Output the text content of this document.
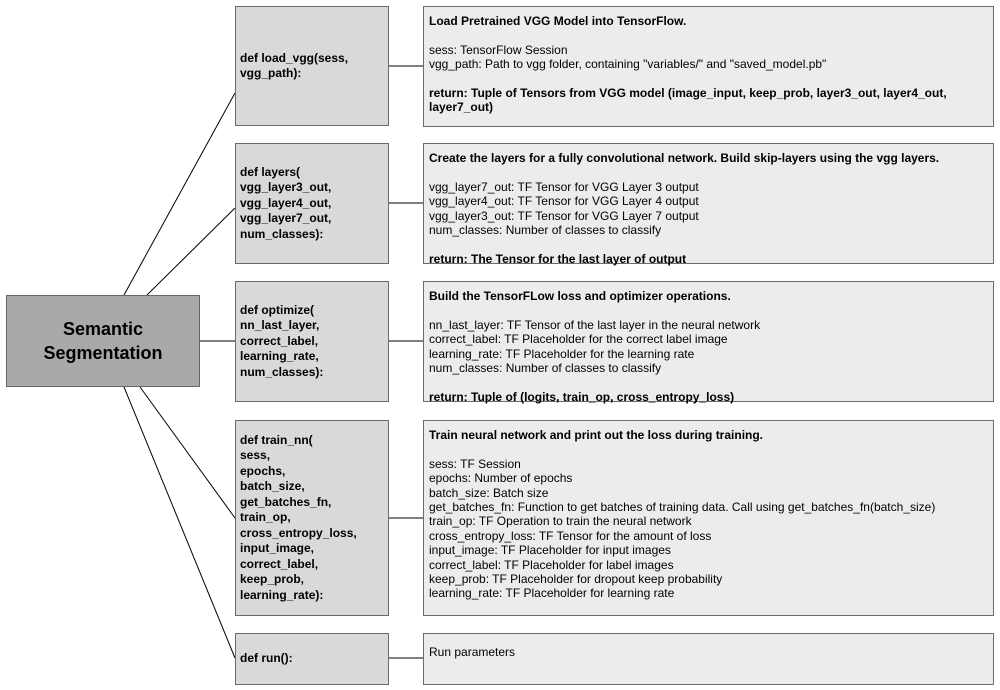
Semantic
Segmentation
def load_vgg(sess,
vgg_path):
def layers(
vgg_layer3_out,
vgg_layer4_out,
vgg_layer7_out,
num_classes):
def optimize(
nn_last_layer,
correct_label,
learning_rate,
num_classes):
def train_nn(
sess,
epochs,
batch_size,
get_batches_fn,
train_op,
cross_entropy_loss,
input_image,
correct_label,
keep_prob,
learning_rate):
def run():
Load Pretrained VGG Model into TensorFlow.
sess: TensorFlow Session
vgg_path: Path to vgg folder, containing "variables/" and "saved_model.pb"
return: Tuple of Tensors from VGG model (image_input, keep_prob, layer3_out, layer4_out, layer7_out)
Create the layers for a fully convolutional network. Build skip-layers using the vgg layers.
vgg_layer7_out: TF Tensor for VGG Layer 3 output
vgg_layer4_out: TF Tensor for VGG Layer 4 output
vgg_layer3_out: TF Tensor for VGG Layer 7 output
num_classes: Number of classes to classify
return: The Tensor for the last layer of output
Build the TensorFLow loss and optimizer operations.
nn_last_layer: TF Tensor of the last layer in the neural network
correct_label: TF Placeholder for the correct label image
learning_rate: TF Placeholder for the learning rate
num_classes: Number of classes to classify
return: Tuple of (logits, train_op, cross_entropy_loss)
Train neural network and print out the loss during training.
sess: TF Session
epochs: Number of epochs
batch_size: Batch size
get_batches_fn: Function to get batches of training data. Call using get_batches_fn(batch_size)
train_op: TF Operation to train the neural network
cross_entropy_loss: TF Tensor for the amount of loss
input_image: TF Placeholder for input images
correct_label: TF Placeholder for label images
keep_prob: TF Placeholder for dropout keep probability
learning_rate: TF Placeholder for learning rate
Run parameters
